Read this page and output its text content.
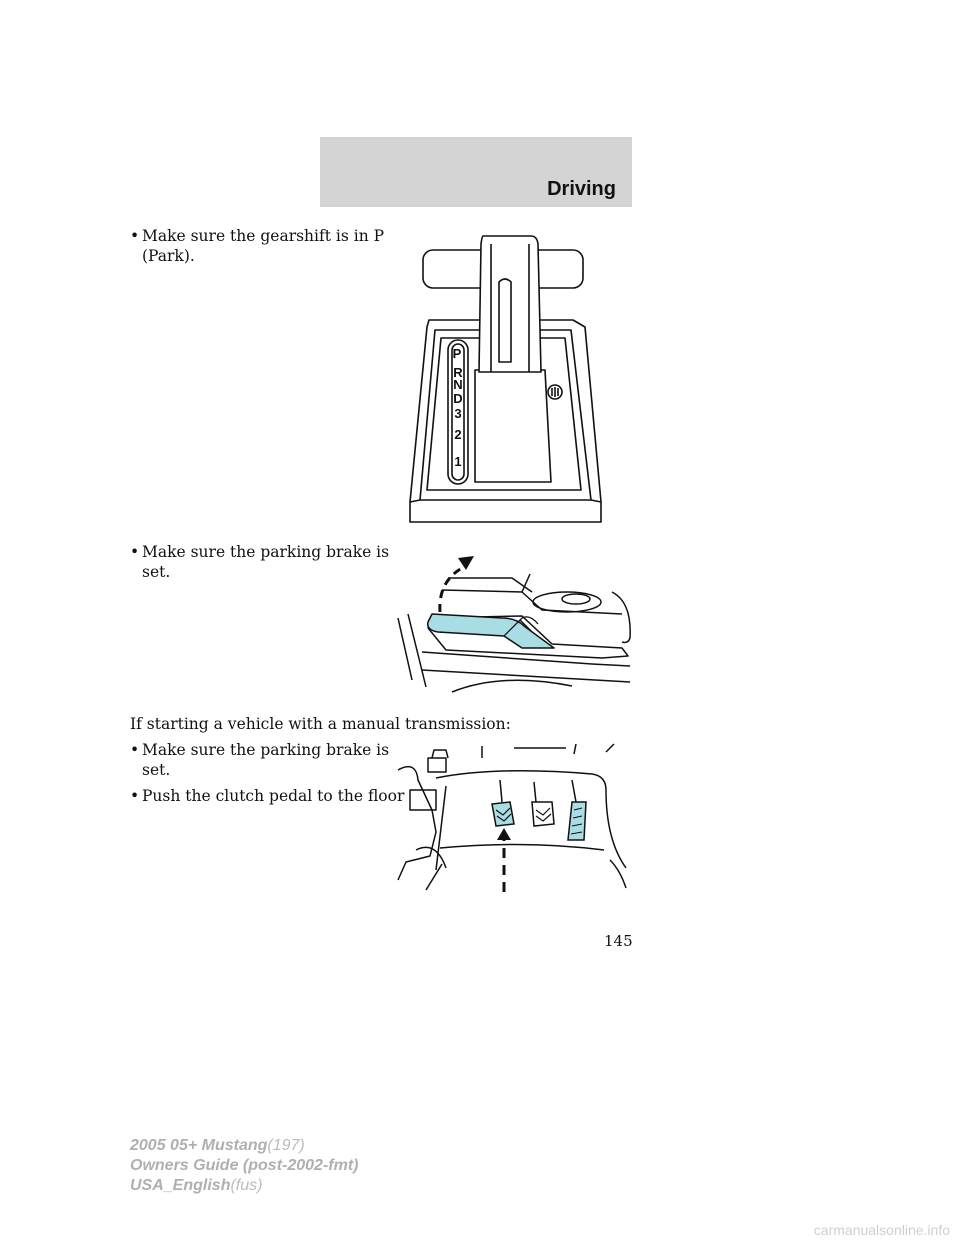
Driving
• Make sure the gearshift is in P
(Park).
P
R
N
D
3
2
1
• Make sure the parking brake is
set.
If starting a vehicle with a manual transmission:
• Make sure the parking brake is
set.
• Push the clutch pedal to the floor
145
2005 05+ Mustang(197)
Owners Guide (post-2002-fmt)
USA_English(fus)
carmanualsonline.info
